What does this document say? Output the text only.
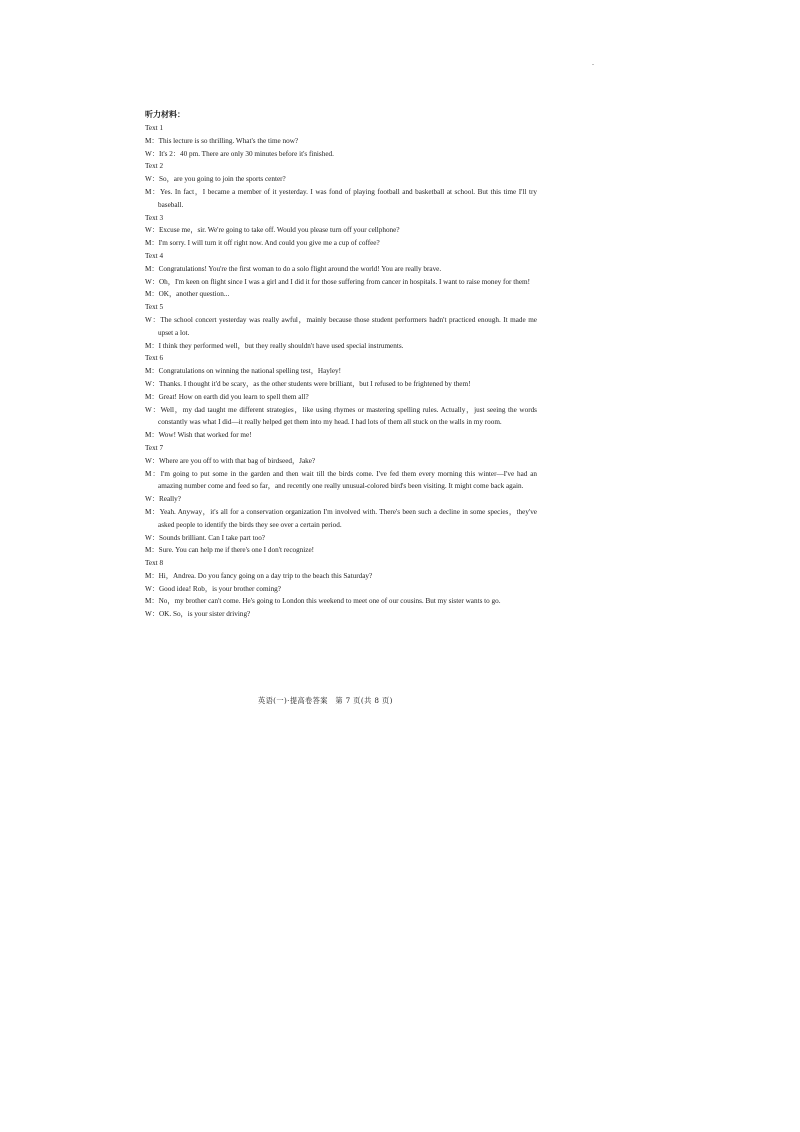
-
听力材料：
Text 1
M：This lecture is so thrilling. What's the time now?
W：It's 2：40 pm. There are only 30 minutes before it's finished.
Text 2
W：So，are you going to join the sports center?
M：Yes. In fact，I became a member of it yesterday. I was fond of playing football and basketball at school. But this time I'll try baseball.
Text 3
W：Excuse me，sir. We're going to take off. Would you please turn off your cellphone?
M：I'm sorry. I will turn it off right now. And could you give me a cup of coffee?
Text 4
M：Congratulations! You're the first woman to do a solo flight around the world! You are really brave.
W：Oh，I'm keen on flight since I was a girl and I did it for those suffering from cancer in hospitals. I want to raise money for them!
M：OK，another question...
Text 5
W：The school concert yesterday was really awful，mainly because those student performers hadn't practiced enough. It made me upset a lot.
M：I think they performed well，but they really shouldn't have used special instruments.
Text 6
M：Congratulations on winning the national spelling test，Hayley!
W：Thanks. I thought it'd be scary，as the other students were brilliant，but I refused to be frightened by them!
M：Great! How on earth did you learn to spell them all?
W：Well，my dad taught me different strategies，like using rhymes or mastering spelling rules. Actually，just seeing the words constantly was what I did—it really helped get them into my head. I had lots of them all stuck on the walls in my room.
M：Wow! Wish that worked for me!
Text 7
W：Where are you off to with that bag of birdseed，Jake?
M：I'm going to put some in the garden and then wait till the birds come. I've fed them every morning this winter—I've had an amazing number come and feed so far，and recently one really unusual-colored bird's been visiting. It might come back again.
W：Really?
M：Yeah. Anyway，it's all for a conservation organization I'm involved with. There's been such a decline in some species，they've asked people to identify the birds they see over a certain period.
W：Sounds brilliant. Can I take part too?
M：Sure. You can help me if there's one I don't recognize!
Text 8
M：Hi，Andrea. Do you fancy going on a day trip to the beach this Saturday?
W：Good idea! Rob，is your brother coming?
M：No，my brother can't come. He's going to London this weekend to meet one of our cousins. But my sister wants to go.
W：OK. So，is your sister driving?
英语(一)·提高卷答案　第 7 页(共 8 页)
